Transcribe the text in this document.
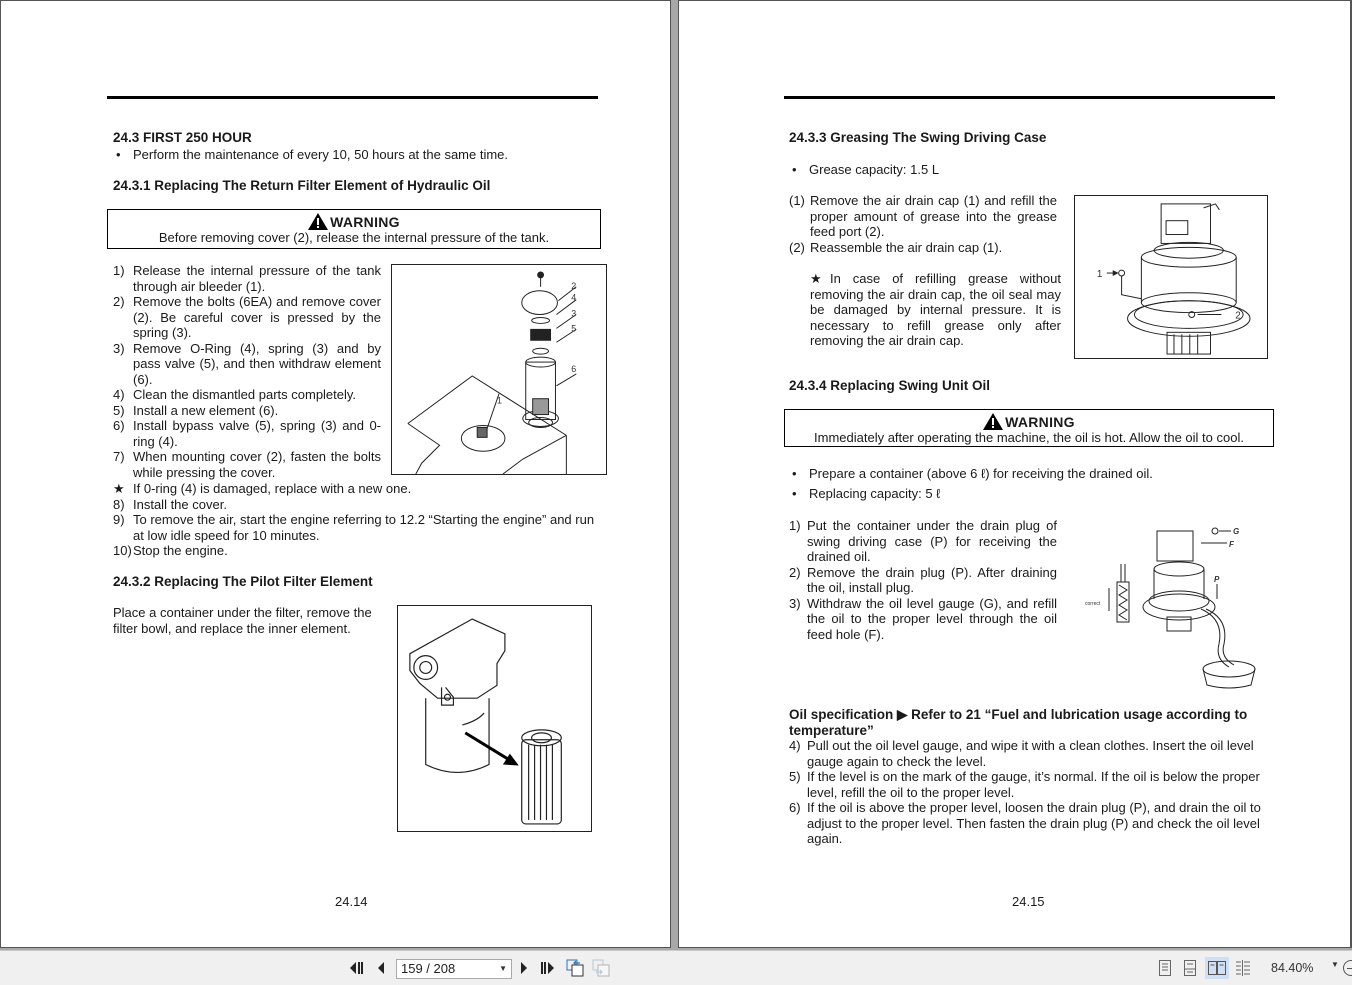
24.3 FIRST 250 HOUR
• Perform the maintenance of every 10, 50 hours at the same time.
24.3.1 Replacing The Return Filter Element of Hydraulic Oil
WARNING
Before removing cover (2), release the internal pressure of the tank.
1) Release the internal pressure of the tank through air bleeder (1).
2) Remove the bolts (6EA) and remove cover (2). Be careful cover is pressed by the spring (3).
3) Remove O-Ring (4), spring (3) and by pass valve (5), and then withdraw element (6).
4) Clean the dismantled parts completely.
5) Install a new element (6).
6) Install bypass valve (5), spring (3) and 0-ring (4).
7) When mounting cover (2), fasten the bolts while pressing the cover.
★ If 0-ring (4) is damaged, replace with a new one.
8) Install the cover.
9) To remove the air, start the engine referring to 12.2 “Starting the engine” and run at low idle speed for 10 minutes.
10) Stop the engine.
2
4
3
5
6
1
24.3.2 Replacing The Pilot Filter Element
Place a container under the filter, remove the filter bowl, and replace the inner element.
24.14
24.3.3 Greasing The Swing Driving Case
• Grease capacity: 1.5 L
(1) Remove the air drain cap (1) and refill the proper amount of grease into the grease feed port (2).
(2) Reassemble the air drain cap (1).
★In case of refilling grease without removing the air drain cap, the oil seal may be damaged by internal pressure. It is necessary to refill grease only after removing the air drain cap.
1
2
24.3.4 Replacing Swing Unit Oil
WARNING
Immediately after operating the machine, the oil is hot. Allow the oil to cool.
• Prepare a container (above 6 ℓ) for receiving the drained oil.
• Replacing capacity: 5 ℓ
1) Put the container under the drain plug of swing driving case (P) for receiving the drained oil.
2) Remove the drain plug (P). After draining the oil, install plug.
3) Withdraw the oil level gauge (G), and refill the oil to the proper level through the oil feed hole (F).
G
F
P
correct
Oil specification ▶ Refer to 21 “Fuel and lubrication usage according to temperature”
4) Pull out the oil level gauge, and wipe it with a clean clothes. Insert the oil level gauge again to check the level.
5) If the level is on the mark of the gauge, it’s normal. If the oil is below the proper level, refill the oil to the proper level.
6) If the oil is above the proper level, loosen the drain plug (P), and drain the oil to adjust to the proper level. Then fasten the drain plug (P) and check the oil level again.
24.15
159 / 208	▼	84.40% ▼
